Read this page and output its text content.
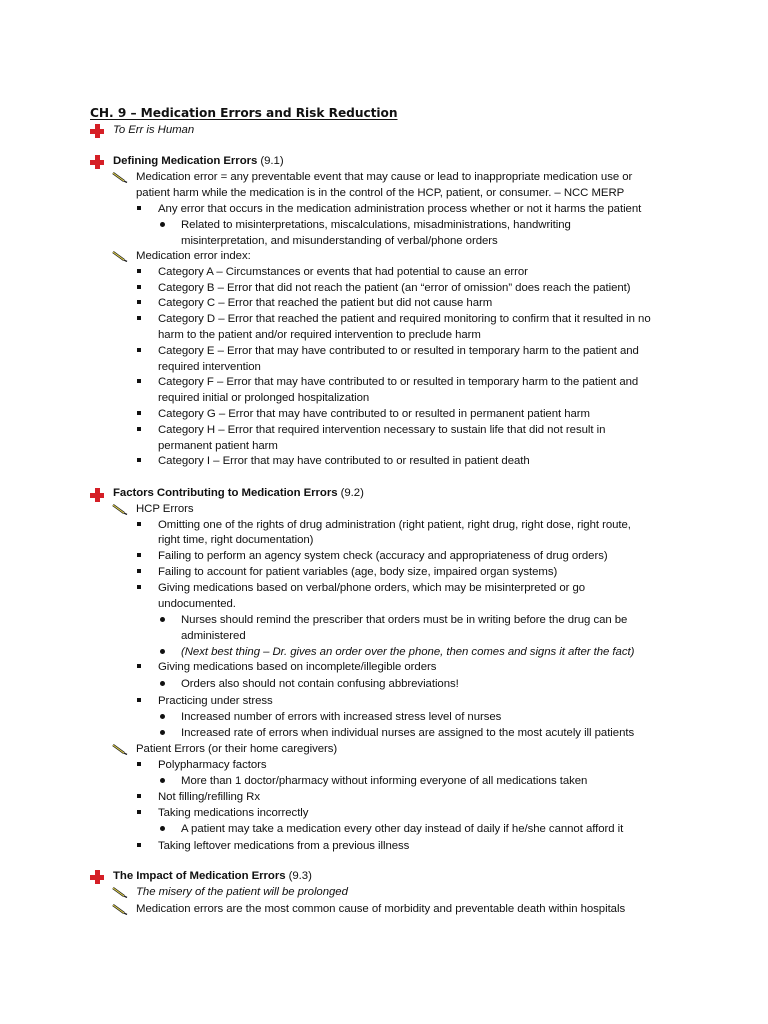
CH. 9 – Medication Errors and Risk Reduction
To Err is Human
Defining Medication Errors (9.1)
Medication error = any preventable event that may cause or lead to inappropriate medication use or
patient harm while the medication is in the control of the HCP, patient, or consumer. – NCC MERP
Any error that occurs in the medication administration process whether or not it harms the patient
Related to misinterpretations, miscalculations, misadministrations, handwriting
misinterpretation, and misunderstanding of verbal/phone orders
Medication error index:
Category A – Circumstances or events that had potential to cause an error
Category B – Error that did not reach the patient (an “error of omission” does reach the patient)
Category C – Error that reached the patient but did not cause harm
Category D – Error that reached the patient and required monitoring to confirm that it resulted in no
harm to the patient and/or required intervention to preclude harm
Category E – Error that may have contributed to or resulted in temporary harm to the patient and
required intervention
Category F – Error that may have contributed to or resulted in temporary harm to the patient and
required initial or prolonged hospitalization
Category G – Error that may have contributed to or resulted in permanent patient harm
Category H – Error that required intervention necessary to sustain life that did not result in
permanent patient harm
Category I – Error that may have contributed to or resulted in patient death
Factors Contributing to Medication Errors (9.2)
HCP Errors
Omitting one of the rights of drug administration (right patient, right drug, right dose, right route,
right time, right documentation)
Failing to perform an agency system check (accuracy and appropriateness of drug orders)
Failing to account for patient variables (age, body size, impaired organ systems)
Giving medications based on verbal/phone orders, which may be misinterpreted or go
undocumented.
Nurses should remind the prescriber that orders must be in writing before the drug can be
administered
(Next best thing – Dr. gives an order over the phone, then comes and signs it after the fact)
Giving medications based on incomplete/illegible orders
Orders also should not contain confusing abbreviations!
Practicing under stress
Increased number of errors with increased stress level of nurses
Increased rate of errors when individual nurses are assigned to the most acutely ill patients
Patient Errors (or their home caregivers)
Polypharmacy factors
More than 1 doctor/pharmacy without informing everyone of all medications taken
Not filling/refilling Rx
Taking medications incorrectly
A patient may take a medication every other day instead of daily if he/she cannot afford it
Taking leftover medications from a previous illness
The Impact of Medication Errors (9.3)
The misery of the patient will be prolonged
Medication errors are the most common cause of morbidity and preventable death within hospitals
